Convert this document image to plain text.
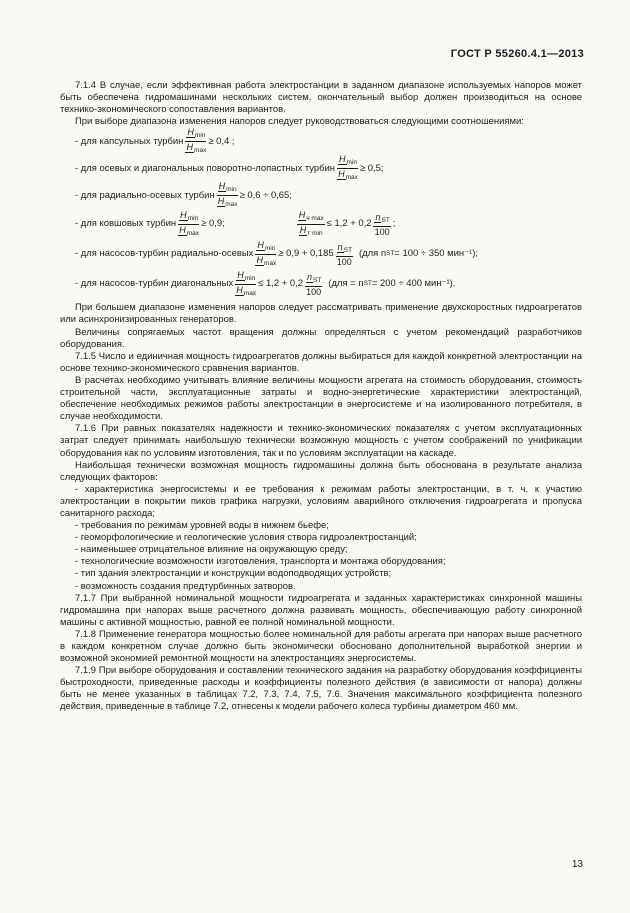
ГОСТ Р 55260.4.1—2013

7.1.4 В случае, если эффективная работа электростанции в заданном диапазоне используемых напоров может быть обеспечена гидромашинами нескольких систем, окончательный выбор должен производиться на основе технико-экономического сопоставления вариантов.

При выборе диапазона изменения напоров следует руководствоваться следующими соотношениями:

- для капсульных турбин
$H_{min}$
$H_{max}$
≥ 0,4 ;
- для осевых и диагональных поворотно-лопастных турбин
$H_{min}$
$H_{max}$
≥ 0,5;
- для радиально-осевых турбин
$H_{min}$
$H_{max}$
≥ 0,6 ÷ 0,65;
- для ковшовых турбин
$H_{min}$
$H_{max}$
≥ 0,9;
$H_{ч max}$
$H_{т min}$
≤ 1,2 + 0,2
$n_{ST}$
100
;
- для насосов-турбин радиально-осевых
$H_{min}$
$H_{max}$
≥ 0,9 + 0,185
$n_{ST}$
100
(для n ST = 100 ÷ 350 мин⁻¹);
- для насосов-турбин диагональных
$H_{min}$
$H_{max}$
≤ 1,2 + 0,2
$n_{ST}$
100
(для = n ST = 200 ÷ 400 мин⁻¹).

При большем диапазоне изменения напоров следует рассматривать применение двухскоростных гидроагрегатов или асинхронизированных генераторов.

Величины сопрягаемых частот вращения должны определяться с учетом рекомендаций разработчиков оборудования.

7.1.5 Число и единичная мощность гидроагрегатов должны выбираться для каждой конкретной электростанции на основе технико-экономического сравнения вариантов.

В расчетах необходимо учитывать влияние величины мощности агрегата на стоимость оборудования, стоимость строительной части, эксплуатационные затраты и водно-энергетические характеристики электростанций, обеспечение необходимых режимов работы электростанции в энергосистеме и на изолированного потребителя, в случае необходимости.

7.1.6 При равных показателях надежности и технико-экономических показателях с учетом эксплуатационных затрат следует принимать наибольшую технически возможную мощность с учетом соображений по унификации оборудования как по условиям изготовления, так и по условиям эксплуатации на каскаде.

Наибольшая технически возможная мощность гидромашины должна быть обоснована в результате анализа следующих факторов:

- характеристика энергосистемы и ее требования к режимам работы электростанции, в т. ч. к участию электростанции в покрытии пиков графика нагрузки, условиям аварийного отключения гидроагрегата и пропуска санитарного расхода;

- требования по режимам уровней воды в нижнем бьефе;

- геоморфологические и геологические условия створа гидроэлектростанций;

- наименьшее отрицательное влияние на окружающую среду;

- технологические возможности изготовления, транспорта и монтажа оборудования;

- тип здания электростанции и конструкции водоподводящих устройств;

- возможность создания предтурбинных затворов.

7.1.7 При выбранной номинальной мощности гидроагрегата и заданных характеристиках синхронной машины гидромашина при напорах выше расчетного должна развивать мощность, обеспечивающую работу синхронной машины с активной мощностью, равной ее полной номинальной мощности.

7.1.8 Применение генератора мощностью более номинальной для работы агрегата при напорах выше расчетного в каждом конкретном случае должно быть экономически обосновано дополнительной выработкой энергии и возможной экономией ремонтной мощности на электростанциях энергосистемы.

7.1.9 При выборе оборудования и составлении технического задания на разработку оборудования коэффициенты быстроходности, приведенные расходы и коэффициенты полезного действия (в зависимости от напора) должны быть не менее указанных в таблицах 7.2, 7.3, 7.4, 7.5, 7.6. Значения максимального коэффициента полезного действия, приведенные в таблице 7.2, отнесены к модели рабочего колеса турбины диаметром 460 мм.

13
